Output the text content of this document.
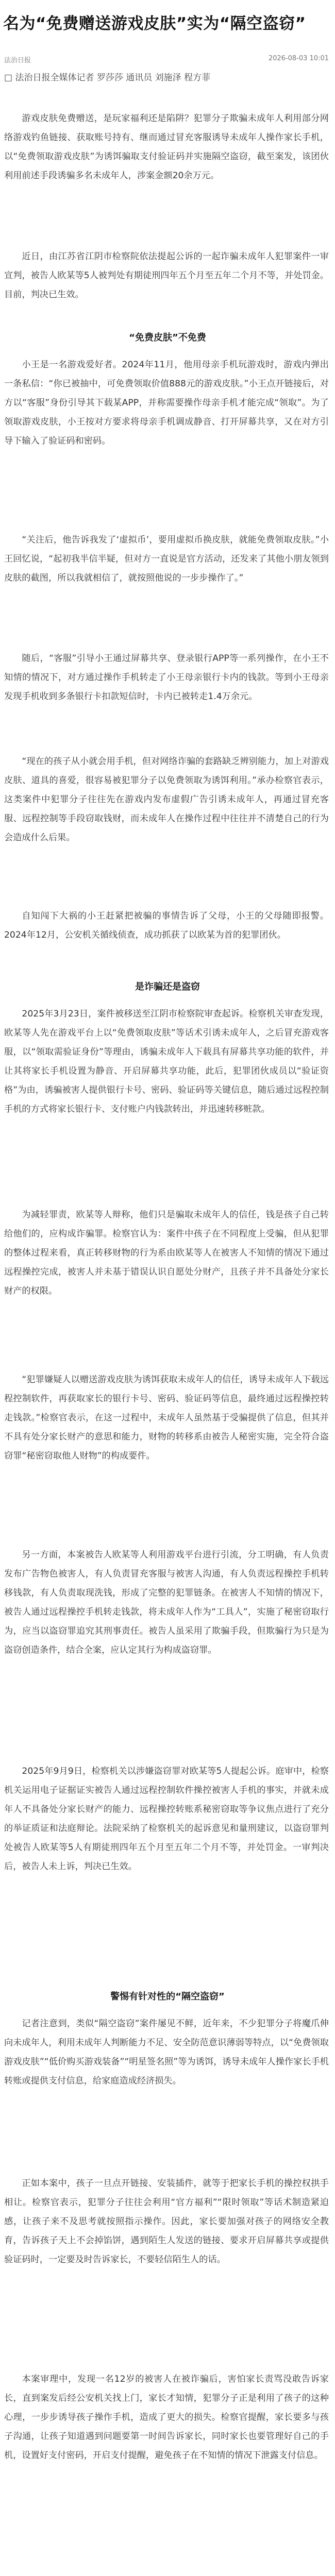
名为“免费赠送游戏皮肤”实为“隔空盗窃”
法治日报	2026-08-03 10:01
□ 法治日报全媒体记者 罗莎莎 通讯员 刘施泽 程方菲
游戏皮肤免费赠送，是玩家福利还是陷阱？犯罪分子欺骗未成年人利用部分网络游戏钓鱼链接、获取账号持有、继而通过冒充客服诱导未成年人操作家长手机，以“免费领取游戏皮肤”为诱饵骗取支付验证码并实施隔空盗窃，截至案发，该团伙利用前述手段诱骗多名未成年人，涉案金额20余万元。
近日，由江苏省江阴市检察院依法提起公诉的一起诈骗未成年人犯罪案件一审宣判，被告人欧某等5人被判处有期徒刑四年五个月至五年二个月不等，并处罚金。目前，判决已生效。
“免费皮肤”不免费
小王是一名游戏爱好者。2024年11月，他用母亲手机玩游戏时，游戏内弹出一条私信：“你已被抽中，可免费领取价值888元的游戏皮肤。”小王点开链接后，对方以“客服”身份引导其下载某APP，并称需要操作母亲手机才能完成“领取”。为了领取游戏皮肤，小王按对方要求将母亲手机调成静音、打开屏幕共享，又在对方引导下输入了验证码和密码。
“关注后，他告诉我发了‘虚拟币’，要用虚拟币换皮肤，就能免费领取皮肤。”小王回忆说，“起初我半信半疑，但对方一直说是官方活动，还发来了其他小朋友领到皮肤的截图，所以我就相信了，就按照他说的一步步操作了。”
随后，“客服”引导小王通过屏幕共享、登录银行APP等一系列操作，在小王不知情的情况下，对方通过操作手机转走了小王母亲银行卡内的钱款。等到小王母亲发现手机收到多条银行卡扣款短信时，卡内已被转走1.4万余元。
“现在的孩子从小就会用手机，但对网络诈骗的套路缺乏辨别能力，加上对游戏皮肤、道具的喜爱，很容易被犯罪分子以免费领取为诱饵利用。”承办检察官表示，这类案件中犯罪分子往往先在游戏内发布虚假广告引诱未成年人，再通过冒充客服、远程控制等手段窃取钱财，而未成年人在操作过程中往往并不清楚自己的行为会造成什么后果。
自知闯下大祸的小王赶紧把被骗的事情告诉了父母，小王的父母随即报警。2024年12月，公安机关循线侦查，成功抓获了以欧某为首的犯罪团伙。
是诈骗还是盗窃
2025年3月23日，案件被移送至江阴市检察院审查起诉。检察机关审查发现，欧某等人先在游戏平台上以“免费领取皮肤”等话术引诱未成年人，之后冒充游戏客服，以“领取需验证身份”等理由，诱骗未成年人下载具有屏幕共享功能的软件，并让其将家长手机设置为静音、开启屏幕共享功能，此后，犯罪团伙成员以“验证资格”为由，诱骗被害人提供银行卡号、密码、验证码等关键信息，随后通过远程控制手机的方式将家长银行卡、支付账户内钱款转出，并迅速转移赃款。
为减轻罪责，欧某等人辩称，他们只是骗取未成年人的信任，钱是孩子自己转给他们的，应构成诈骗罪。检察官认为：案件中孩子在不同程度上受骗，但从犯罪的整体过程来看，真正转移财物的行为系由欧某等人在被害人不知情的情况下通过远程操控完成，被害人并未基于错误认识自愿处分财产，且孩子并不具备处分家长财产的权限。
“犯罪嫌疑人以赠送游戏皮肤为诱饵获取未成年人的信任，诱导未成年人下载远程控制软件，再获取家长的银行卡号、密码、验证码等信息，最终通过远程操控转走钱款。”检察官表示，在这一过程中，未成年人虽然基于受骗提供了信息，但其并不具有处分家长财产的意思和能力，财物的转移系由被告人秘密实施，完全符合盗窃罪“秘密窃取他人财物”的构成要件。
另一方面，本案被告人欧某等人利用游戏平台进行引流，分工明确，有人负责发布广告物色被害人，有人负责冒充客服与被害人沟通，有人负责远程操控手机转移钱款，有人负责取现洗钱，形成了完整的犯罪链条。在被害人不知情的情况下，被告人通过远程操控手机转走钱款，将未成年人作为“工具人”，实施了秘密窃取行为，应当以盗窃罪追究其刑事责任。被告人虽采用了欺骗手段，但欺骗行为只是为盗窃创造条件，结合全案，应认定其行为构成盗窃罪。
2025年9月9日，检察机关以涉嫌盗窃罪对欧某等5人提起公诉。庭审中，检察机关运用电子证据证实被告人通过远程控制软件操控被害人手机的事实，并就未成年人不具备处分家长财产的能力、远程操控转账系秘密窃取等争议焦点进行了充分的举证质证和法庭辩论。法院采纳了检察机关的起诉意见和量刑建议，以盗窃罪判处被告人欧某等5人有期徒刑四年五个月至五年二个月不等，并处罚金。一审判决后，被告人未上诉，判决已生效。
警惕有针对性的“隔空盗窃”
记者注意到，类似“隔空盗窃”案件屡见不鲜，近年来，不少犯罪分子将魔爪伸向未成年人，利用未成年人判断能力不足、安全防范意识薄弱等特点，以“免费领取游戏皮肤”“低价购买游戏装备”“明星签名照”等为诱饵，诱导未成年人操作家长手机转账或提供支付信息，给家庭造成经济损失。
正如本案中，孩子一旦点开链接、安装插件，就等于把家长手机的操控权拱手相让。检察官表示，犯罪分子往往会利用“官方福利”“限时领取”等话术制造紧迫感，让孩子来不及思考就按照指示操作。因此，家长要加强对孩子的网络安全教育，告诉孩子天上不会掉馅饼，遇到陌生人发送的链接、要求开启屏幕共享或提供验证码时，一定要及时告诉家长，不要轻信陌生人的话。
本案审理中，发现一名12岁的被害人在被诈骗后，害怕家长责骂没敢告诉家长，直到案发后经公安机关找上门，家长才知情，犯罪分子正是利用了孩子的这种心理，一步步诱导孩子操作手机，造成了更大的损失。检察官提醒，家长要多与孩子沟通，让孩子知道遇到问题要第一时间告诉家长，同时家长也要管理好自己的手机，设置好支付密码，开启支付提醒，避免孩子在不知情的情况下泄露支付信息。
